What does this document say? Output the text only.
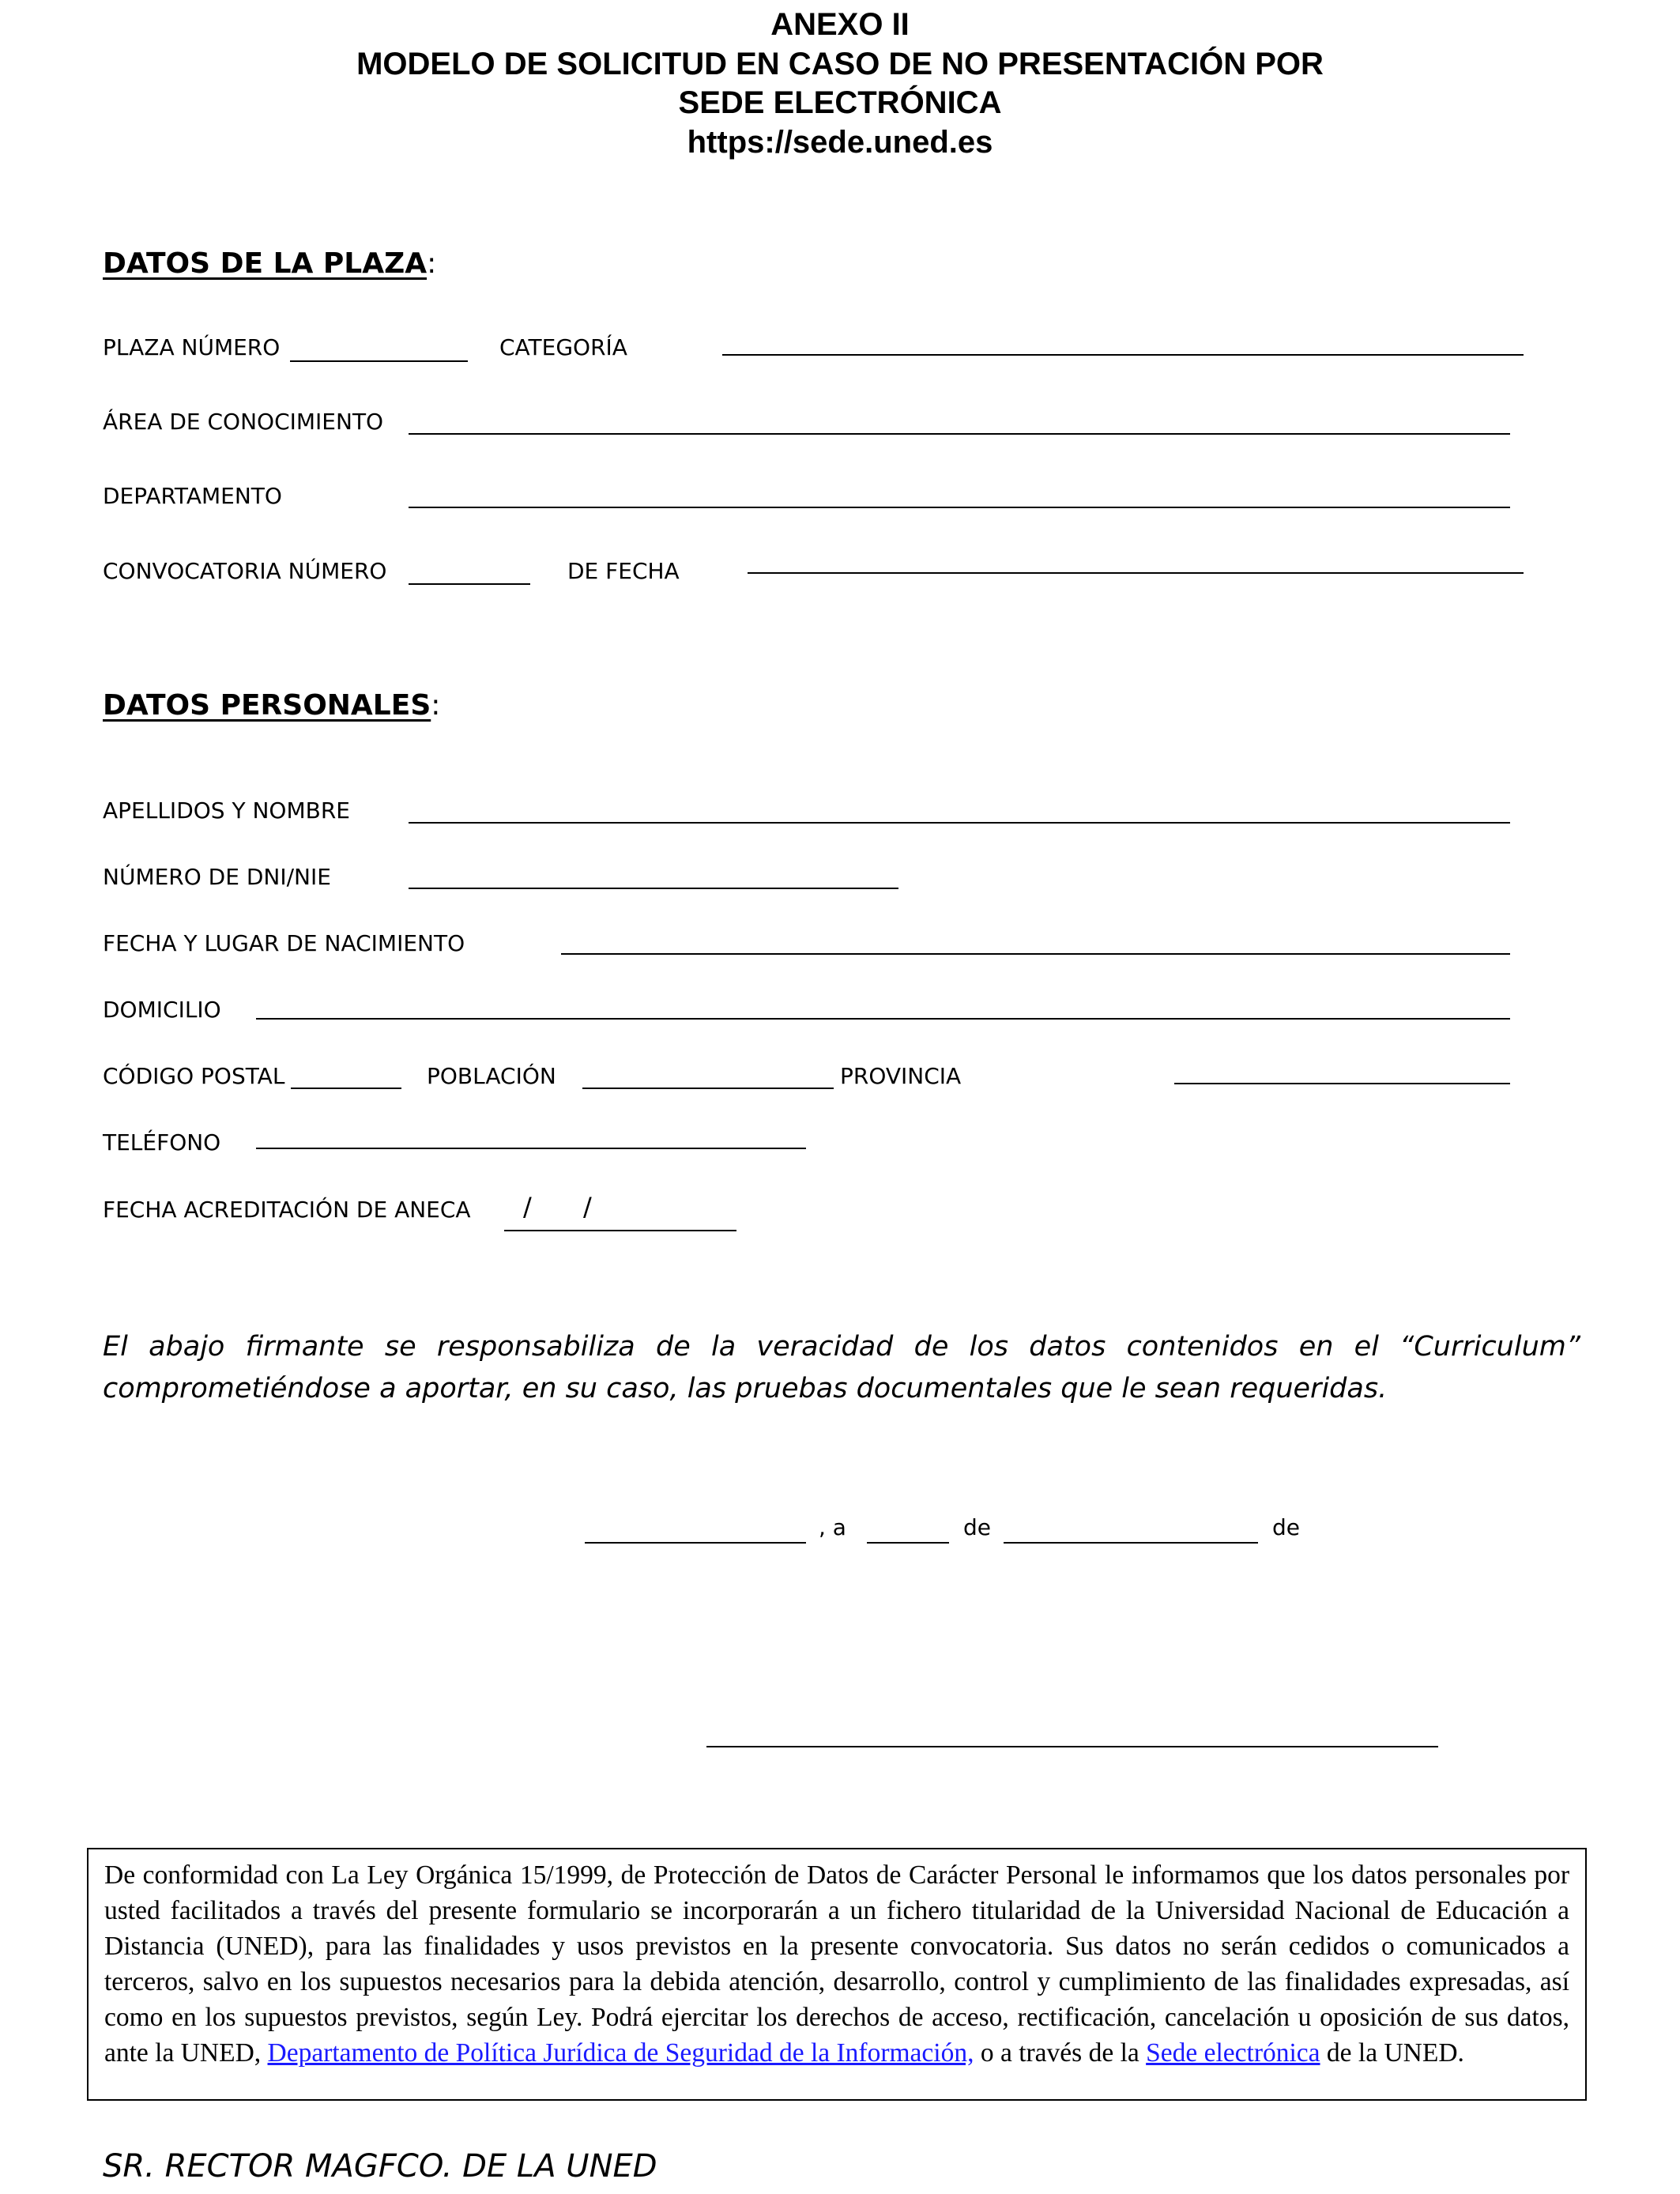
ANEXO II
MODELO DE SOLICITUD EN CASO DE NO PRESENTACIÓN POR
SEDE ELECTRÓNICA
https://sede.uned.es
DATOS DE LA PLAZA:
PLAZA NÚMERO	CATEGORÍA
ÁREA DE CONOCIMIENTO
DEPARTAMENTO
CONVOCATORIA NÚMERO	DE FECHA
DATOS PERSONALES:
APELLIDOS Y NOMBRE
NÚMERO DE DNI/NIE
FECHA Y LUGAR DE NACIMIENTO
DOMICILIO
CÓDIGO POSTAL	POBLACIÓN	PROVINCIA
TELÉFONO
FECHA ACREDITACIÓN DE ANECA / /
El abajo firmante se responsabiliza de la veracidad de los datos contenidos en el “Curriculum” comprometiéndose a aportar, en su caso, las pruebas documentales que le sean requeridas.
, a	de	de
De conformidad con La Ley Orgánica 15/1999, de Protección de Datos de Carácter Personal le informamos que los datos personales por usted facilitados a través del presente formulario se incorporarán a un fichero titularidad de la Universidad Nacional de Educación a Distancia (UNED), para las finalidades y usos previstos en la presente convocatoria. Sus datos no serán cedidos o comunicados a terceros, salvo en los supuestos necesarios para la debida atención, desarrollo, control y cumplimiento de las finalidades expresadas, así como en los supuestos previstos, según Ley. Podrá ejercitar los derechos de acceso, rectificación, cancelación u oposición de sus datos, ante la UNED, Departamento de Política Jurídica de Seguridad de la Información, o a través de la Sede electrónica de la UNED.
SR. RECTOR MAGFCO. DE LA UNED
